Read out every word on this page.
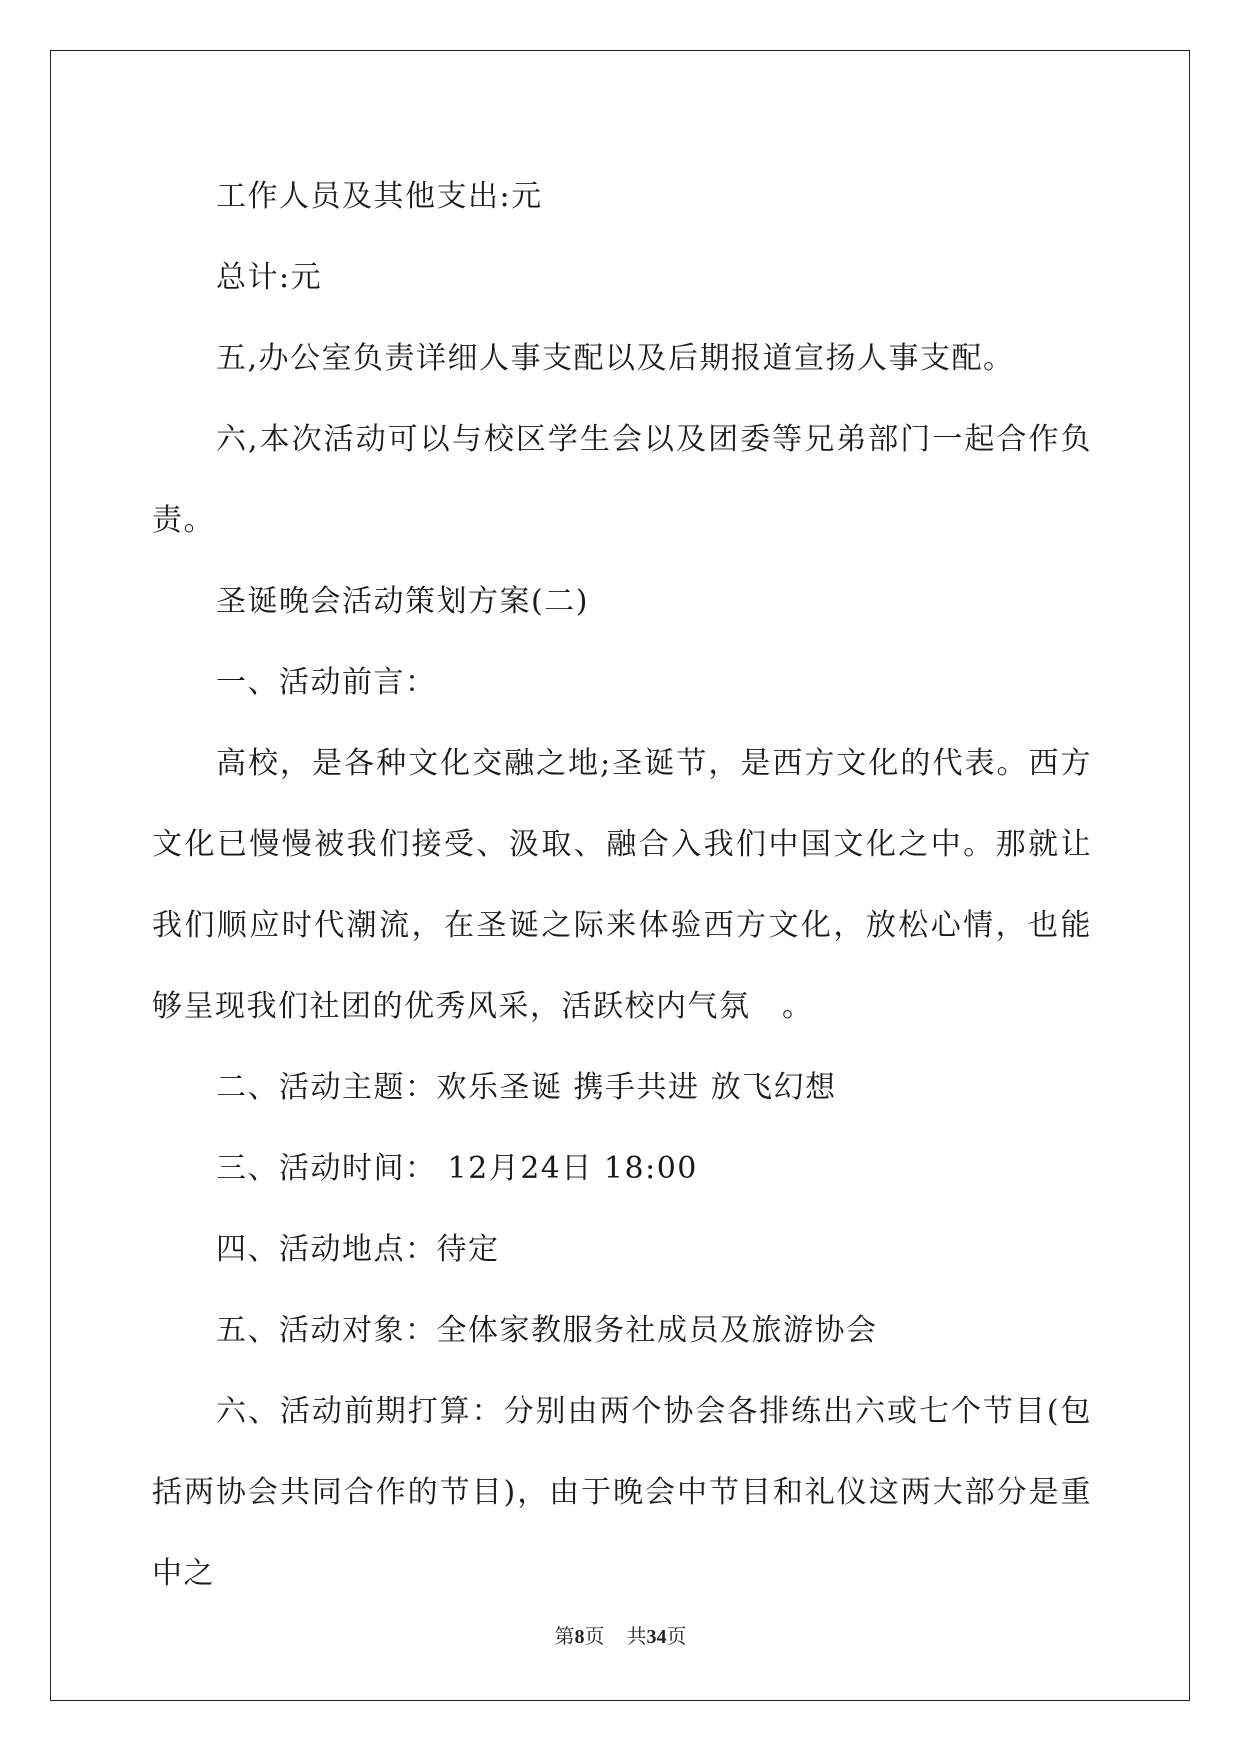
工作人员及其他支出:元

总计:元

五,办公室负责详细人事支配以及后期报道宣扬人事支配。

六,本次活动可以与校区学生会以及团委等兄弟部门一起合作负责。

圣诞晚会活动策划方案(二)

一、活动前言：

高校，是各种文化交融之地;圣诞节，是西方文化的代表。西方文化已慢慢被我们接受、汲取、融合入我们中国文化之中。那就让我们顺应时代潮流，在圣诞之际来体验西方文化，放松心情，也能够呈现我们社团的优秀风采，活跃校内气氛　。

二、活动主题：欢乐圣诞 携手共进 放飞幻想

三、活动时间： 12月24日 18:00

四、活动地点：待定

五、活动对象：全体家教服务社成员及旅游协会

六、活动前期打算：分别由两个协会各排练出六或七个节目(包括两协会共同合作的节目)，由于晚会中节目和礼仪这两大部分是重中之

第8页 共34页
